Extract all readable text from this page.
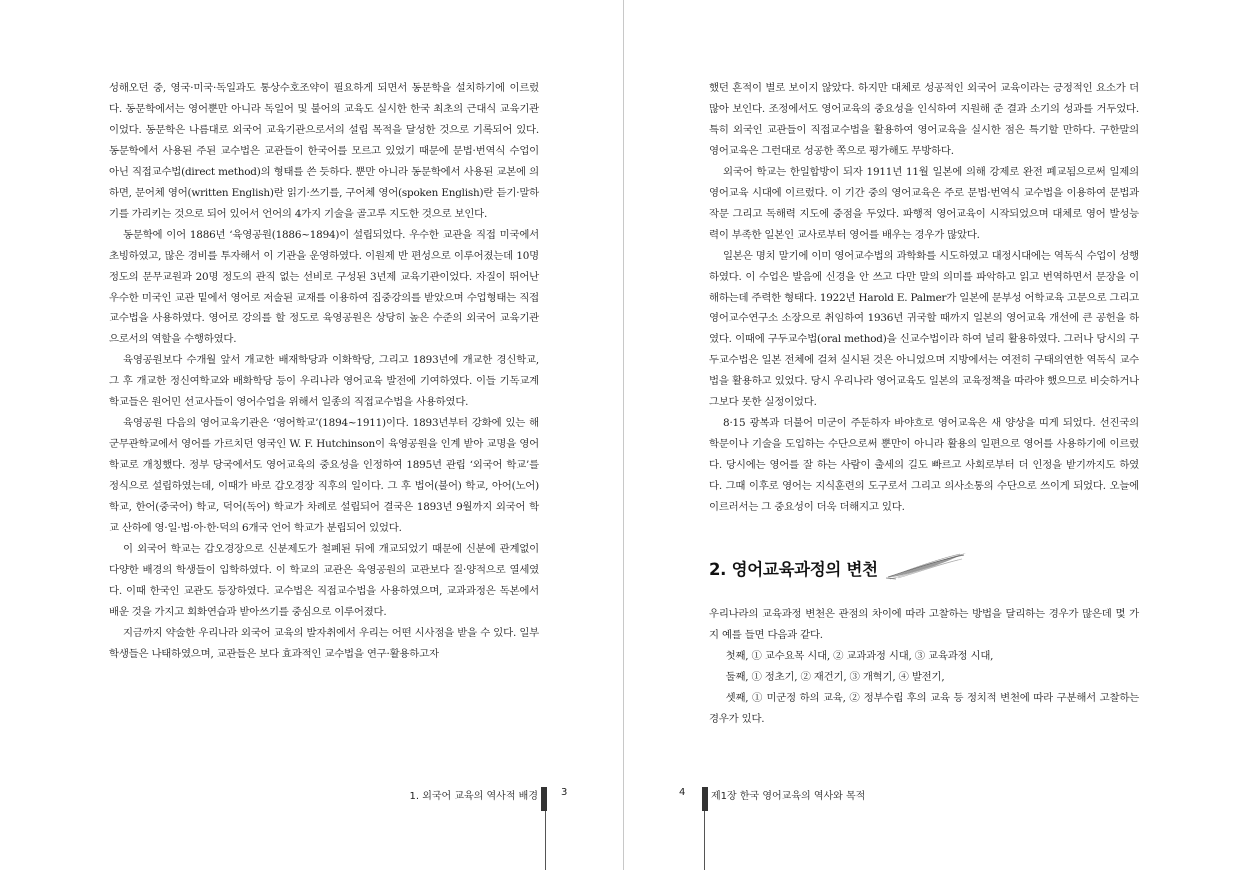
성해오던 중, 영국·미국·독일과도 통상수호조약이 필요하게 되면서 동문학을 설치하기에 이르렀다. 동문학에서는 영어뿐만 아니라 독일어 및 불어의 교육도 실시한 한국 최초의 근대식 교육기관이었다. 동문학은 나름대로 외국어 교육기관으로서의 설립 목적을 달성한 것으로 기록되어 있다. 동문학에서 사용된 주된 교수법은 교관들이 한국어를 모르고 있었기 때문에 문법·번역식 수업이 아닌 직접교수법(direct method)의 형태를 쓴 듯하다. 뿐만 아니라 동문학에서 사용된 교본에 의하면, 문어체 영어(written English)란 읽기·쓰기를, 구어체 영어(spoken English)란 듣기·말하기를 가리키는 것으로 되어 있어서 언어의 4가지 기술을 골고루 지도한 것으로 보인다.

동문학에 이어 1886년 ‘육영공원(1886~1894)이 설립되었다. 우수한 교관을 직접 미국에서 초빙하였고, 많은 경비를 투자해서 이 기관을 운영하였다. 이원제 반 편성으로 이루어졌는데 10명 정도의 문무교원과 20명 정도의 관직 없는 선비로 구성된 3년제 교육기관이었다. 자질이 뛰어난 우수한 미국인 교관 밑에서 영어로 저술된 교재를 이용하여 집중강의를 받았으며 수업형태는 직접교수법을 사용하였다. 영어로 강의를 할 정도로 육영공원은 상당히 높은 수준의 외국어 교육기관으로서의 역할을 수행하였다.

육영공원보다 수개월 앞서 개교한 배재학당과 이화학당, 그리고 1893년에 개교한 경신학교, 그 후 개교한 정신여학교와 배화학당 등이 우리나라 영어교육 발전에 기여하였다. 이들 기독교계 학교들은 원어민 선교사들이 영어수업을 위해서 일종의 직접교수법을 사용하였다.

육영공원 다음의 영어교육기관은 ‘영어학교’(1894~1911)이다. 1893년부터 강화에 있는 해군무관학교에서 영어를 가르치던 영국인 W. F. Hutchinson이 육영공원을 인계 받아 교명을 영어 학교로 개칭했다. 정부 당국에서도 영어교육의 중요성을 인정하여 1895년 관립 ‘외국어 학교’를 정식으로 설립하였는데, 이때가 바로 갑오경장 직후의 일이다. 그 후 법어(불어) 학교, 아어(노어) 학교, 한어(중국어) 학교, 덕어(독어) 학교가 차례로 설립되어 결국은 1893년 9월까지 외국어 학교 산하에 영·일·법·아·한·덕의 6개국 언어 학교가 분립되어 있었다.

이 외국어 학교는 갑오경장으로 신분제도가 철폐된 뒤에 개교되었기 때문에 신분에 관계없이 다양한 배경의 학생들이 입학하였다. 이 학교의 교관은 육영공원의 교관보다 질·양적으로 열세였다. 이때 한국인 교관도 등장하였다. 교수법은 직접교수법을 사용하였으며, 교과과정은 독본에서 배운 것을 가지고 회화연습과 받아쓰기를 중심으로 이루어졌다.

지금까지 약술한 우리나라 외국어 교육의 발자취에서 우리는 어떤 시사점을 받을 수 있다. 일부 학생들은 나태하였으며, 교관들은 보다 효과적인 교수법을 연구·활용하고자

했던 흔적이 별로 보이지 않았다. 하지만 대체로 성공적인 외국어 교육이라는 긍정적인 요소가 더 많아 보인다. 조정에서도 영어교육의 중요성을 인식하여 지원해 준 결과 소기의 성과를 거두었다. 특히 외국인 교관들이 직접교수법을 활용하여 영어교육을 실시한 점은 특기할 만하다. 구한말의 영어교육은 그런대로 성공한 쪽으로 평가해도 무방하다.

외국어 학교는 한일합방이 되자 1911년 11월 일본에 의해 강제로 완전 폐교됨으로써 일제의 영어교육 시대에 이르렀다. 이 기간 중의 영어교육은 주로 문법·번역식 교수법을 이용하여 문법과 작문 그리고 독해력 지도에 중점을 두었다. 파행적 영어교육이 시작되었으며 대체로 영어 발성능력이 부족한 일본인 교사로부터 영어를 배우는 경우가 많았다.

일본은 명치 말기에 이미 영어교수법의 과학화를 시도하였고 대정시대에는 역독식 수업이 성행하였다. 이 수업은 발음에 신경을 안 쓰고 다만 말의 의미를 파악하고 읽고 번역하면서 문장을 이해하는데 주력한 형태다. 1922년 Harold E. Palmer가 일본에 문부성 어학교육 고문으로 그리고 영어교수연구소 소장으로 취임하여 1936년 귀국할 때까지 일본의 영어교육 개선에 큰 공헌을 하였다. 이때에 구두교수법(oral method)을 신교수법이라 하여 널리 활용하였다. 그러나 당시의 구두교수법은 일본 전체에 걸쳐 실시된 것은 아니었으며 지방에서는 여전히 구태의연한 역독식 교수법을 활용하고 있었다. 당시 우리나라 영어교육도 일본의 교육정책을 따라야 했으므로 비슷하거나 그보다 못한 실정이었다.

8·15 광복과 더불어 미군이 주둔하자 바야흐로 영어교육은 새 양상을 띠게 되었다. 선진국의 학문이나 기술을 도입하는 수단으로써 뿐만이 아니라 활용의 일편으로 영어를 사용하기에 이르렀다. 당시에는 영어를 잘 하는 사람이 출세의 길도 빠르고 사회로부터 더 인정을 받기까지도 하였다. 그때 이후로 영어는 지식훈련의 도구로서 그리고 의사소통의 수단으로 쓰이게 되었다. 오늘에 이르러서는 그 중요성이 더욱 더해지고 있다.

2. 영어교육과정의 변천

우리나라의 교육과정 변천은 관점의 차이에 따라 고찰하는 방법을 달리하는 경우가 많은데 몇 가지 예를 들면 다음과 같다.

첫째, ① 교수요목 시대, ② 교과과정 시대, ③ 교육과정 시대,

둘째, ① 정초기, ② 재건기, ③ 개혁기, ④ 발전기,

셋째, ① 미군정 하의 교육, ② 정부수립 후의 교육 등 정치적 변천에 따라 구분해서 고찰하는 경우가 있다.

1. 외국어 교육의 역사적 배경 3	4	제1장 한국 영어교육의 역사와 목적
